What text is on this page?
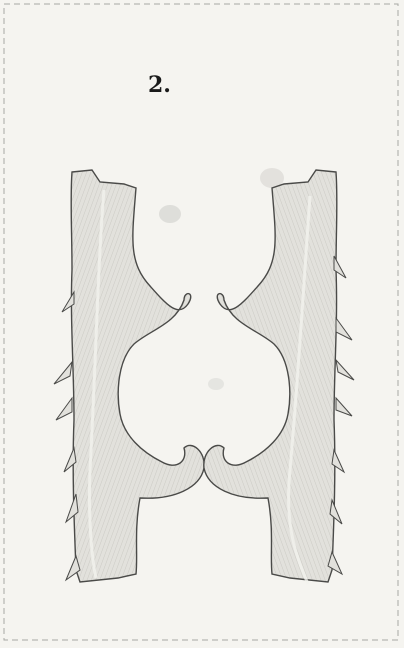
2.
